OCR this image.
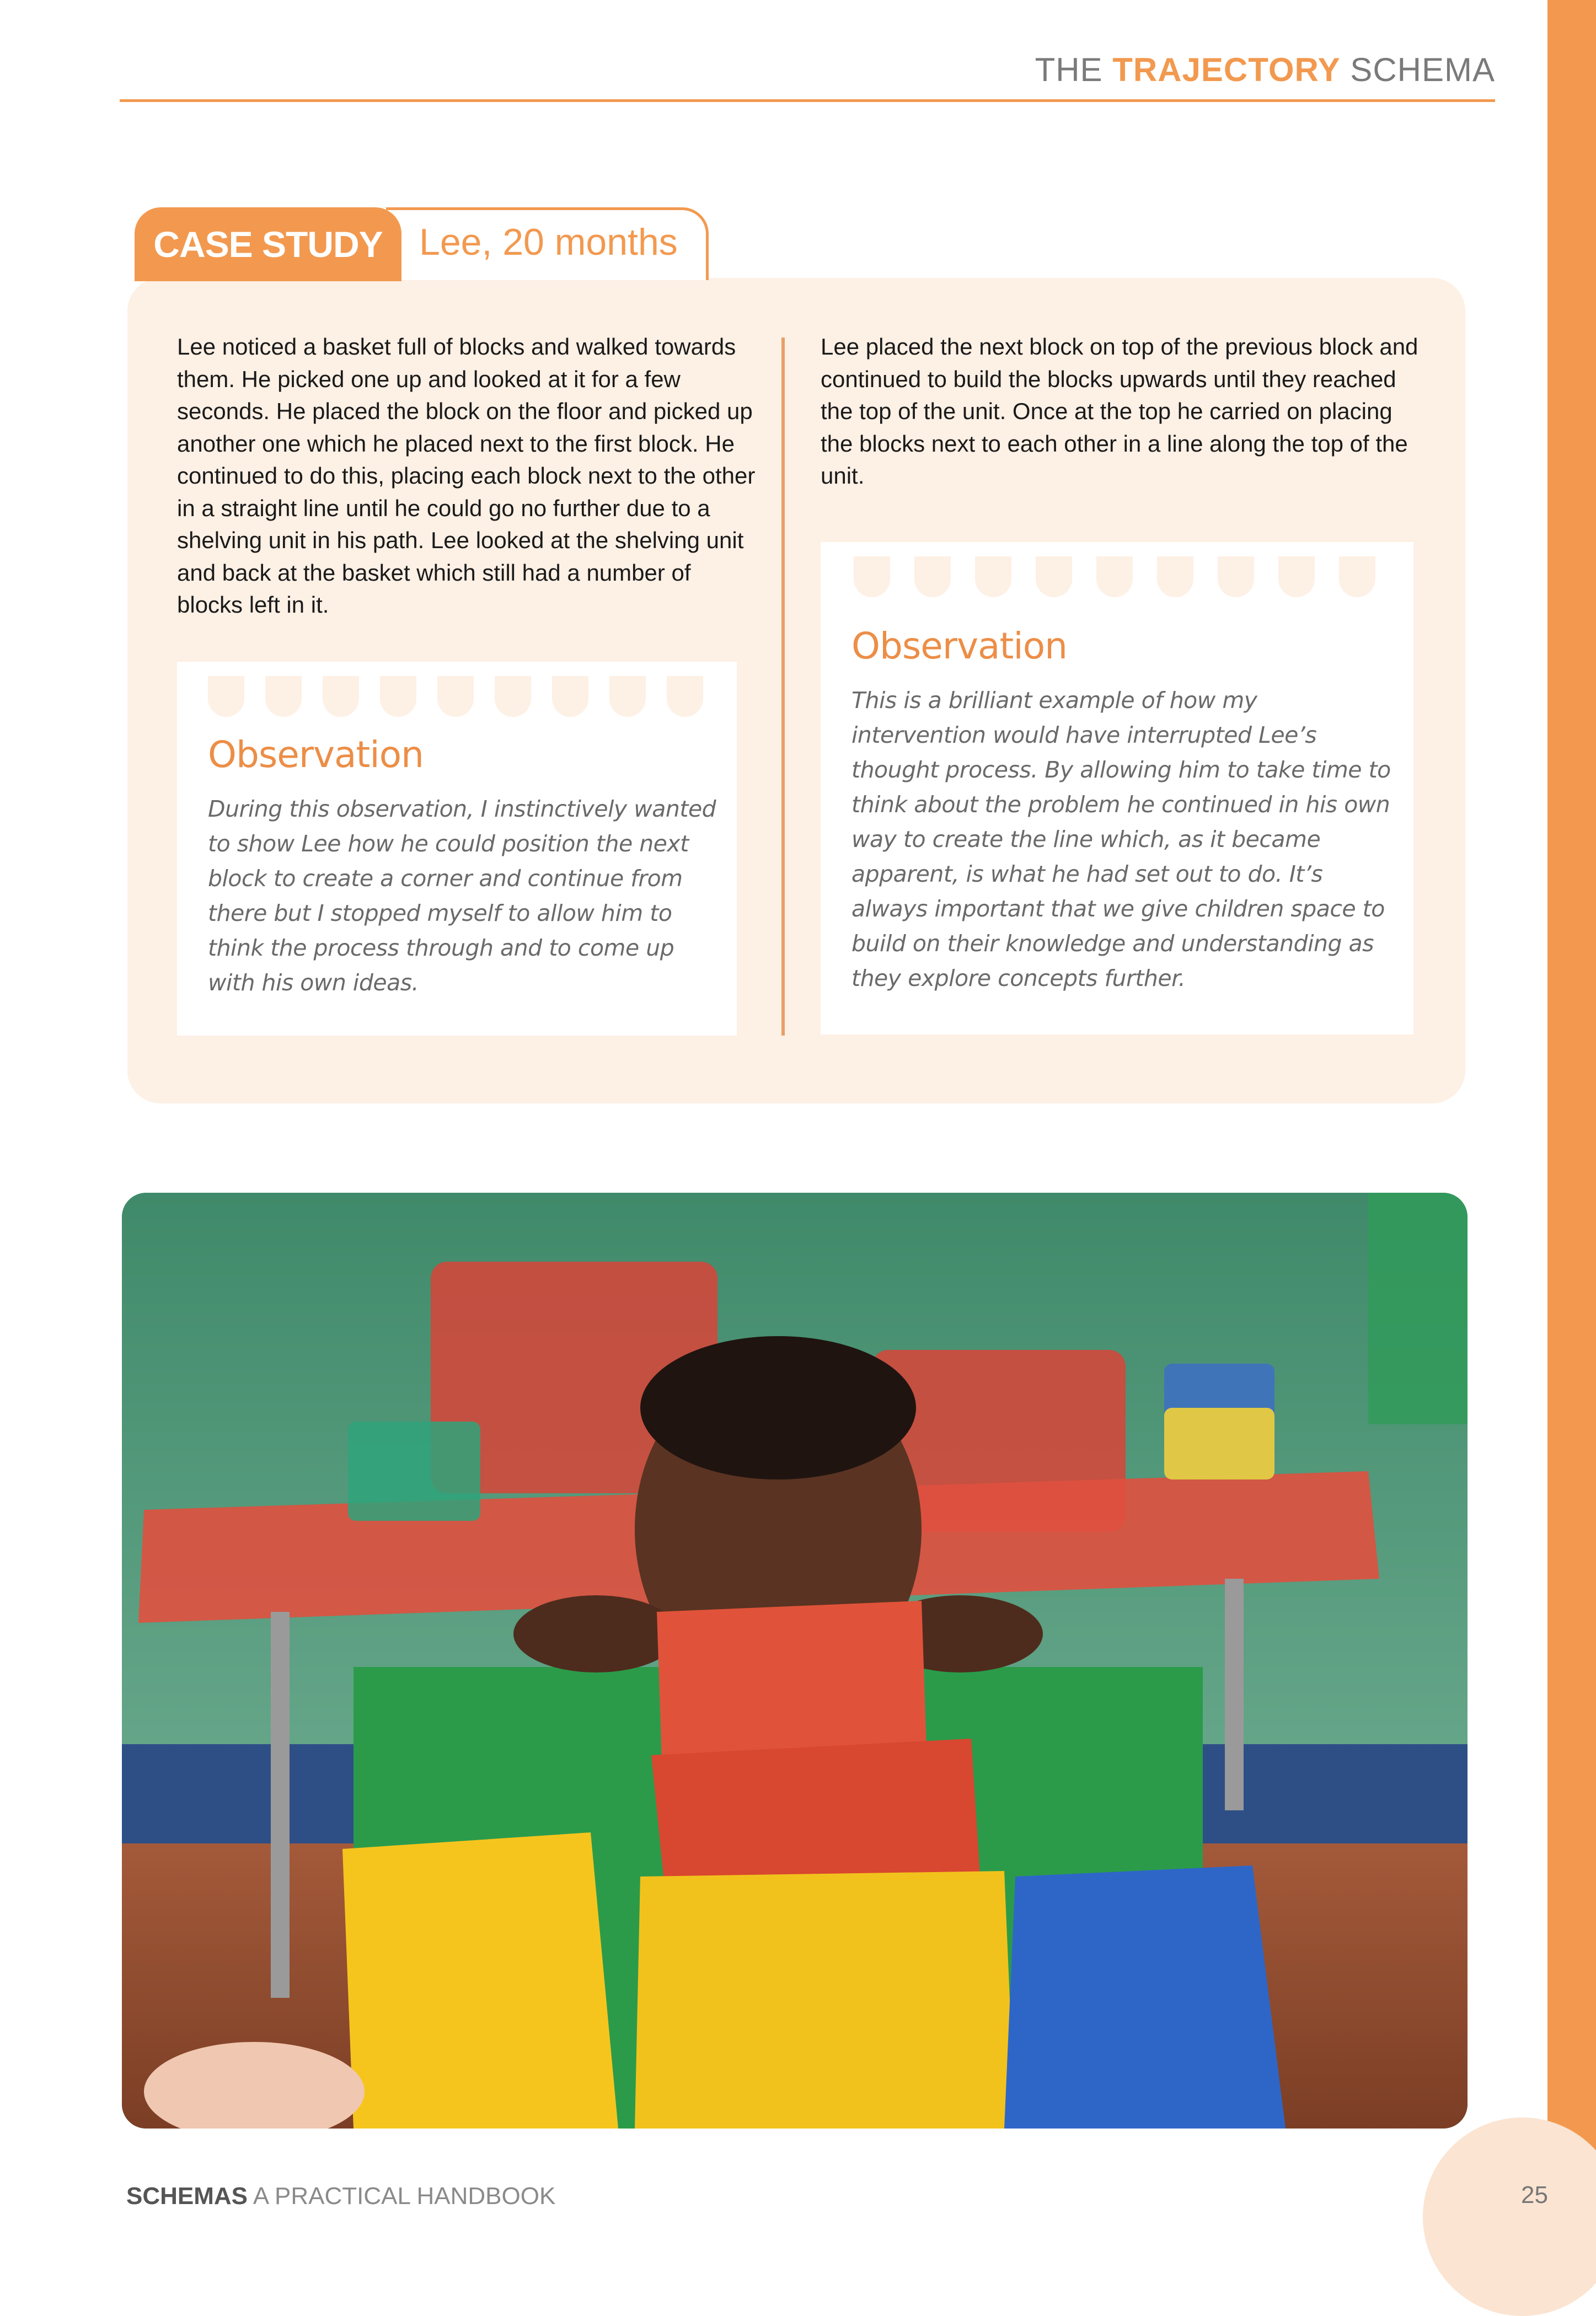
THE TRAJECTORY SCHEMA
CASE STUDY Lee, 20 months

Lee noticed a basket full of blocks and walked towards them. He picked one up and looked at it for a few seconds. He placed the block on the floor and picked up another one which he placed next to the first block. He continued to do this, placing each block next to the other in a straight line until he could go no further due to a shelving unit in his path. Lee looked at the shelving unit and back at the basket which still had a number of blocks left in it.

Lee placed the next block on top of the previous block and continued to build the blocks upwards until they reached the top of the unit. Once at the top he carried on placing the blocks next to each other in a line along the top of the unit.

Observation

During this observation, I instinctively wanted to show Lee how he could position the next block to create a corner and continue from there but I stopped myself to allow him to think the process through and to come up with his own ideas.

Observation

This is a brilliant example of how my intervention would have interrupted Lee’s thought process. By allowing him to take time to think about the problem he continued in his own way to create the line which, as it became apparent, is what he had set out to do. It’s always important that we give children space to build on their knowledge and understanding as they explore concepts further.

SCHEMAS A PRACTICAL HANDBOOK	25
